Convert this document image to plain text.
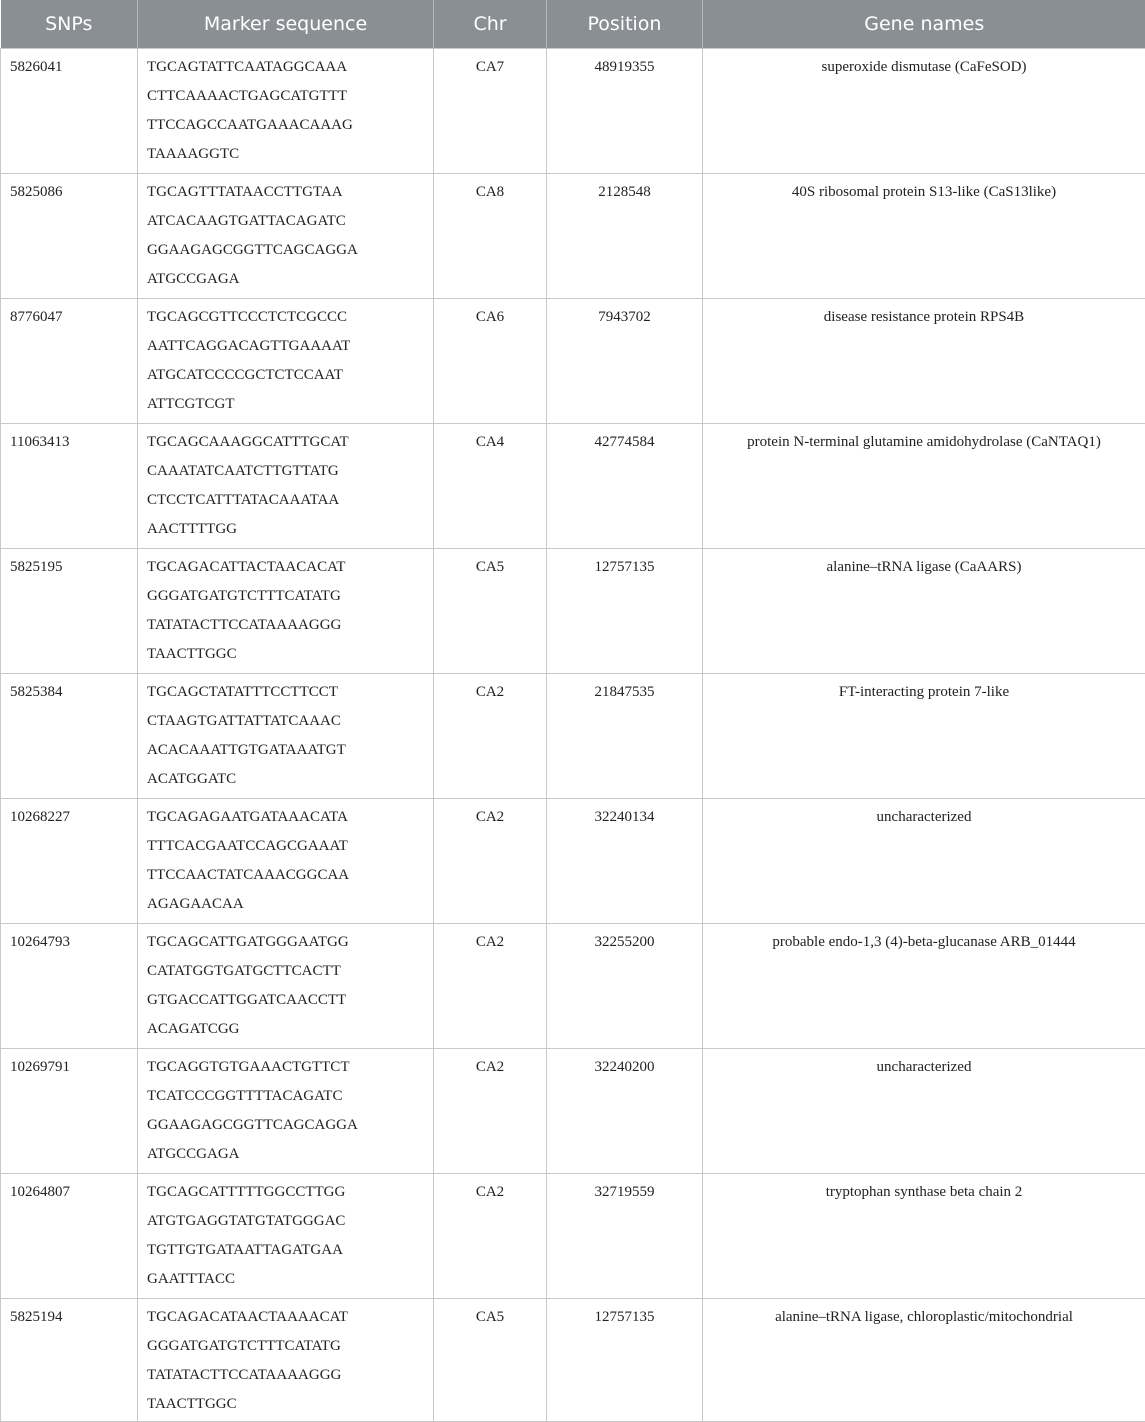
SNPs	Marker sequence	Chr	Position	Gene names
5826041	TGCAGTATTCAATAGGCAAA
CTTCAAAACTGAGCATGTTT
TTCCAGCCAATGAAACAAAG
TAAAAGGTC	CA7	48919355	superoxide dismutase (CaFeSOD)
5825086	TGCAGTTTATAACCTTGTAA
ATCACAAGTGATTACAGATC
GGAAGAGCGGTTCAGCAGGA
ATGCCGAGA	CA8	2128548	40S ribosomal protein S13-like (CaS13like)
8776047	TGCAGCGTTCCCTCTCGCCC
AATTCAGGACAGTTGAAAAT
ATGCATCCCCGCTCTCCAAT
ATTCGTCGT	CA6	7943702	disease resistance protein RPS4B
11063413	TGCAGCAAAGGCATTTGCAT
CAAATATCAATCTTGTTATG
CTCCTCATTTATACAAATAA
AACTTTTGG	CA4	42774584	protein N-terminal glutamine amidohydrolase (CaNTAQ1)
5825195	TGCAGACATTACTAACACAT
GGGATGATGTCTTTCATATG
TATATACTTCCATAAAAGGG
TAACTTGGC	CA5	12757135	alanine–tRNA ligase (CaAARS)
5825384	TGCAGCTATATTTCCTTCCT
CTAAGTGATTATTATCAAAC
ACACAAATTGTGATAAATGT
ACATGGATC	CA2	21847535	FT-interacting protein 7-like
10268227	TGCAGAGAATGATAAACATA
TTTCACGAATCCAGCGAAAT
TTCCAACTATCAAACGGCAA
AGAGAACAA	CA2	32240134	uncharacterized
10264793	TGCAGCATTGATGGGAATGG
CATATGGTGATGCTTCACTT
GTGACCATTGGATCAACCTT
ACAGATCGG	CA2	32255200	probable endo-1,3 (4)-beta-glucanase ARB_01444
10269791	TGCAGGTGTGAAACTGTTCT
TCATCCCGGTTTTACAGATC
GGAAGAGCGGTTCAGCAGGA
ATGCCGAGA	CA2	32240200	uncharacterized
10264807	TGCAGCATTTTTGGCCTTGG
ATGTGAGGTATGTATGGGAC
TGTTGTGATAATTAGATGAA
GAATTTACC	CA2	32719559	tryptophan synthase beta chain 2
5825194	TGCAGACATAACTAAAACAT
GGGATGATGTCTTTCATATG
TATATACTTCCATAAAAGGG
TAACTTGGC	CA5	12757135	alanine–tRNA ligase, chloroplastic/mitochondrial
